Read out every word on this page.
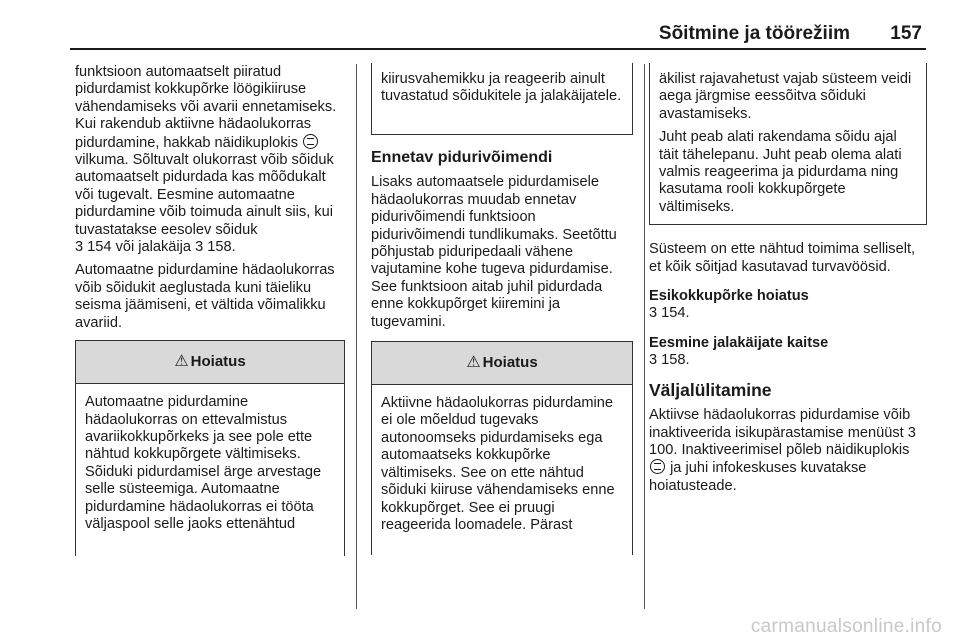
Sõitmine ja töörežiim 157

funktsioon automaatselt piiratud pidurdamist kokkupõrke löögikiiruse vähendamiseks või avarii ennetamiseks. Kui rakendub aktiivne hädaolukorras pidurdamine, hakkab näidikuplokis  vilkuma. Sõltuvalt olukorrast võib sõiduk automaatselt pidurdada kas mõõdukalt või tugevalt. Eesmine automaatne pidurdamine võib toimuda ainult siis, kui tuvastatakse eesolev sõiduk
3 154 või jalakäija 3 158.

Automaatne pidurdamine hädaolukorras võib sõidukit aeglustada kuni täieliku seisma jäämiseni, et vältida võimalikku avariid.

⚠ Hoiatus

Automaatne pidurdamine hädaolukorras on ettevalmistus avariikokkupõrkeks ja see pole ette nähtud kokkupõrgete vältimiseks. Sõiduki pidurdamisel ärge arvestage selle süsteemiga. Automaatne pidurdamine hädaolukorras ei tööta väljaspool selle jaoks ettenähtud

kiirusvahemikku ja reageerib ainult tuvastatud sõidukitele ja jalakäijatele.
Ennetav pidurivõimendi

Lisaks automaatsele pidurdamisele hädaolukorras muudab ennetav pidurivõimendi funktsioon pidurivõimendi tundlikumaks. Seetõttu põhjustab piduripedaali vähene vajutamine kohe tugeva pidurdamise. See funktsioon aitab juhil pidurdada enne kokkupõrget kiiremini ja tugevamini.

⚠ Hoiatus

Aktiivne hädaolukorras pidurdamine ei ole mõeldud tugevaks autonoomseks pidurdamiseks ega automaatseks kokkupõrke vältimiseks. See on ette nähtud sõiduki kiiruse vähendamiseks enne kokkupõrget. See ei pruugi reageerida loomadele. Pärast

äkilist rajavahetust vajab süsteem veidi aega järgmise eessõitva sõiduki avastamiseks.

Juht peab alati rakendama sõidu ajal täit tähelepanu. Juht peab olema alati valmis reageerima ja pidurdama ning kasutama rooli kokkupõrgete vältimiseks.

Süsteem on ette nähtud toimima selliselt, et kõik sõitjad kasutavad turvavöösid.

Esikokkupõrke hoiatus

3 154.

Eesmine jalakäijate kaitse

3 158.

Väljalülitamine

Aktiivse hädaolukorras pidurdamise võib inaktiveerida isikupärastamise menüüst 3 100. Inaktiveerimisel põleb näidikuplokis  ja juhi infokeskuses kuvatakse hoiatusteade.

carmanualsonline.info
